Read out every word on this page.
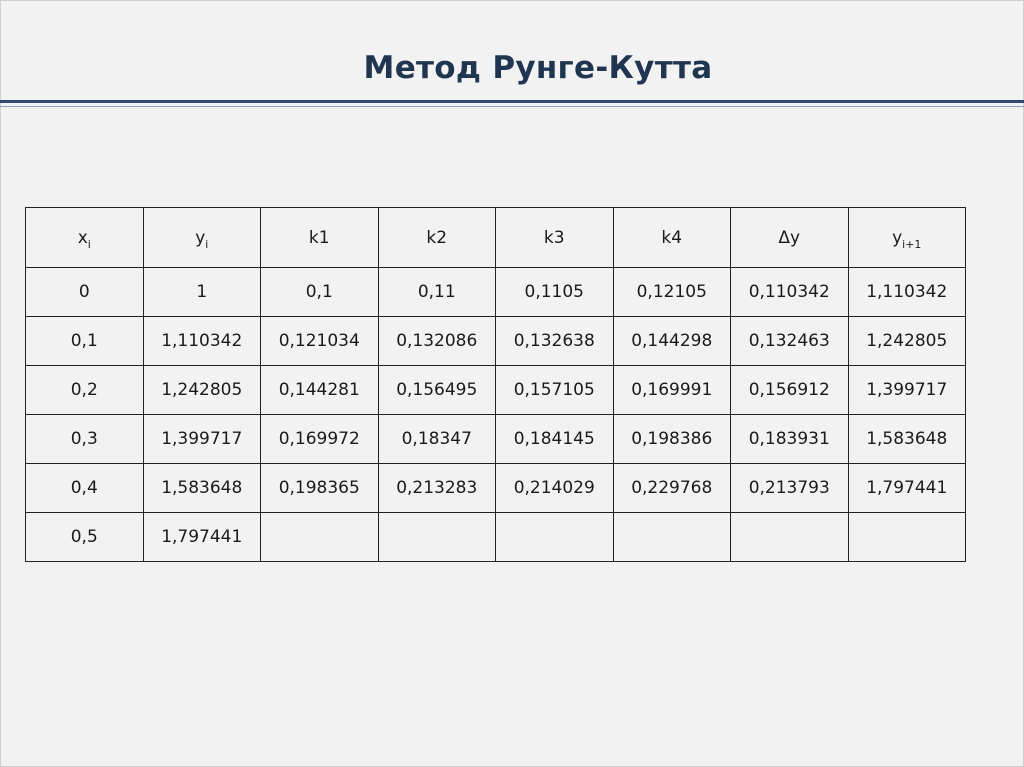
Метод Рунге-Кутта
$x_i$	$y_i$	k1	k2	k3	k4	Δy	$y_{i+1}$
0	1	0,1	0,11	0,1105	0,12105	0,110342	1,110342
0,1	1,110342	0,121034	0,132086	0,132638	0,144298	0,132463	1,242805
0,2	1,242805	0,144281	0,156495	0,157105	0,169991	0,156912	1,399717
0,3	1,399717	0,169972	0,18347	0,184145	0,198386	0,183931	1,583648
0,4	1,583648	0,198365	0,213283	0,214029	0,229768	0,213793	1,797441
0,5	1,797441						
